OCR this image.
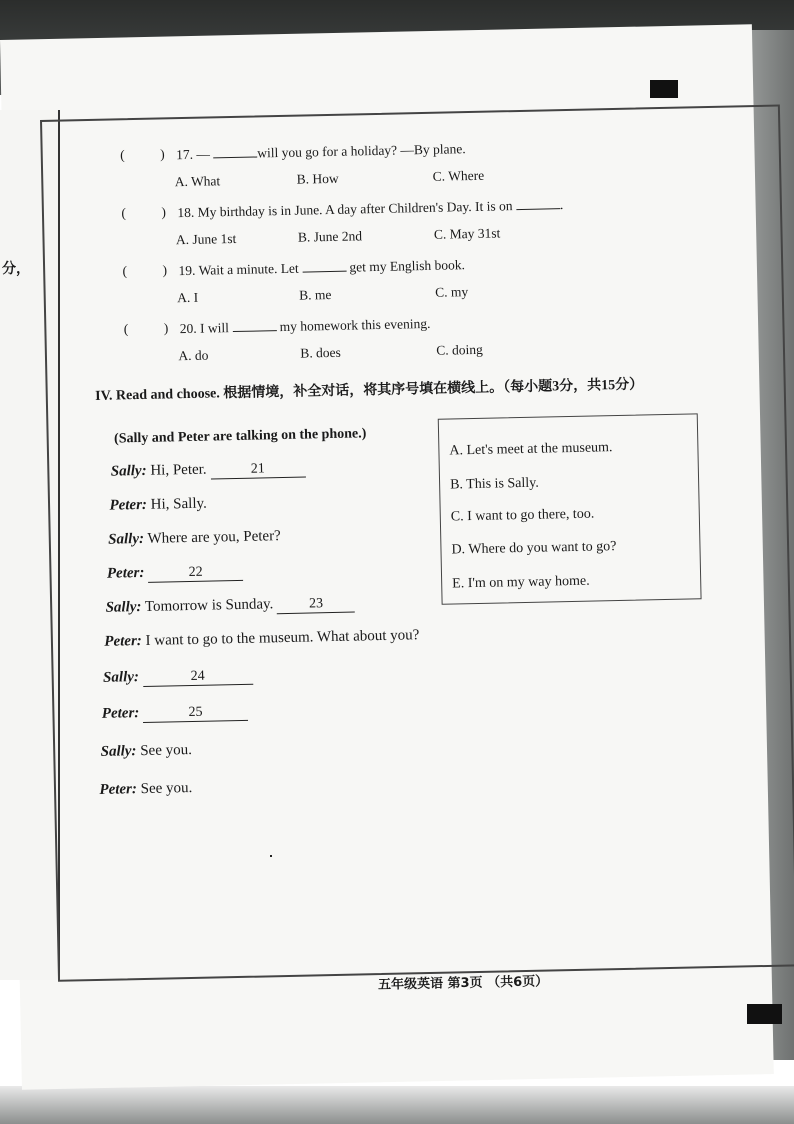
分，
(	) 17. —	will you go for a holiday? —By plane.
A. What	B. How	C. Where
(	) 18. My birthday is in June. A day after Children's Day. It is on	.
A. June 1st	B. June 2nd	C. May 31st
(	) 19. Wait a minute. Let	get my English book.
A. I	B. me	C. my
(	) 20. I will	my homework this evening.
A. do	B. does	C. doing
IV. Read and choose. 根据情境，补全对话，将其序号填在横线上。（每小题3分，共15分）
(Sally and Peter are talking on the phone.)
Sally: Hi, Peter.	21
Peter: Hi, Sally.
Sally: Where are you, Peter?
Peter:	22
Sally: Tomorrow is Sunday. 23
Peter: I want to go to the museum. What about you?
Sally:	24
Peter:	25
Sally: See you.
Peter: See you.
A. Let's meet at the museum.
B. This is Sally.
C. I want to go there, too.
D. Where do you want to go?
E. I'm on my way home.
五年级英语 第3页 （共6页）
